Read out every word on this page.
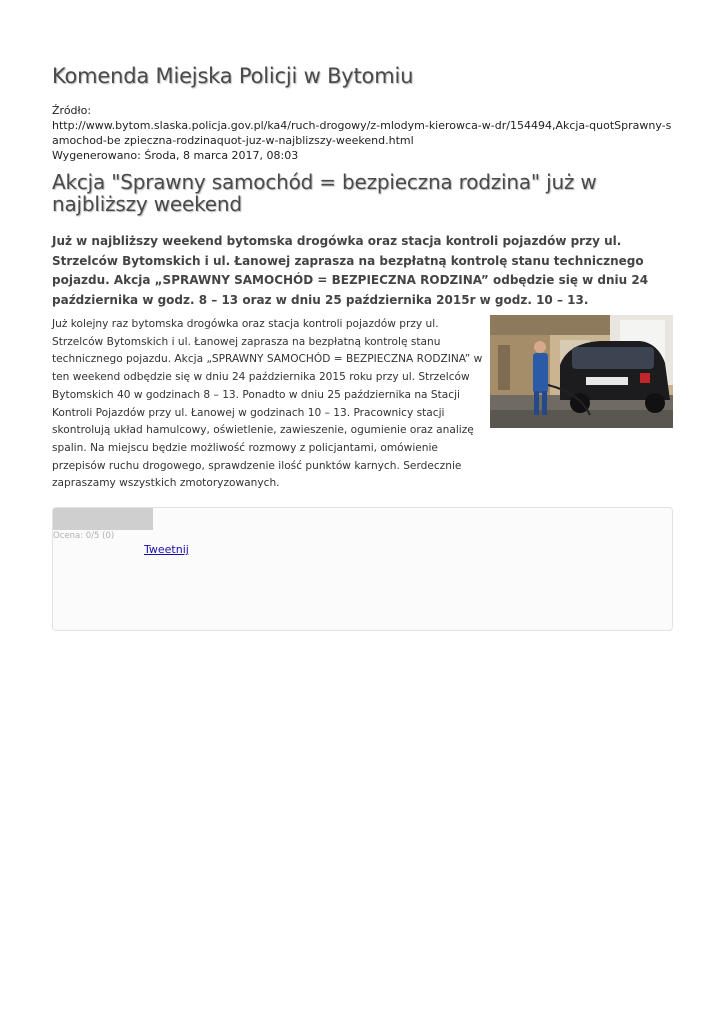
Komenda Miejska Policji w Bytomiu
Źródło:
http://www.bytom.slaska.policja.gov.pl/ka4/ruch-drogowy/z-mlodym-kierowca-w-dr/154494,Akcja-quotSprawny-samochod-be zpieczna-rodzinaquot-juz-w-najblizszy-weekend.html
Wygenerowano: Środa, 8 marca 2017, 08:03
Akcja "Sprawny samochód = bezpieczna rodzina" już w najbliższy weekend
Już w najbliższy weekend bytomska drogówka oraz stacja kontroli pojazdów przy ul. Strzelców Bytomskich i ul. Łanowej zaprasza na bezpłatną kontrolę stanu technicznego pojazdu. Akcja „SPRAWNY SAMOCHÓD = BEZPIECZNA RODZINA” odbędzie się w dniu 24 października w godz. 8 – 13 oraz w dniu 25 października 2015r w godz. 10 – 13.
Już kolejny raz bytomska drogówka oraz stacja kontroli pojazdów przy ul. Strzelców Bytomskich i ul. Łanowej zaprasza na bezpłatną kontrolę stanu technicznego pojazdu. Akcja „SPRAWNY SAMOCHÓD = BEZPIECZNA RODZINA” w ten weekend odbędzie się w dniu 24 października 2015 roku przy ul. Strzelców Bytomskich 40 w godzinach 8 – 13. Ponadto w dniu 25 października na Stacji Kontroli Pojazdów przy ul. Łanowej w godzinach 10 – 13. Pracownicy stacji skontrolują układ hamulcowy, oświetlenie, zawieszenie, ogumienie oraz analizę spalin. Na miejscu będzie możliwość rozmowy z policjantami, omówienie przepisów ruchu drogowego, sprawdzenie ilość punktów karnych. Serdecznie zapraszamy wszystkich zmotoryzowanych.
Ocena: 0/5 (0)
Tweetnij
